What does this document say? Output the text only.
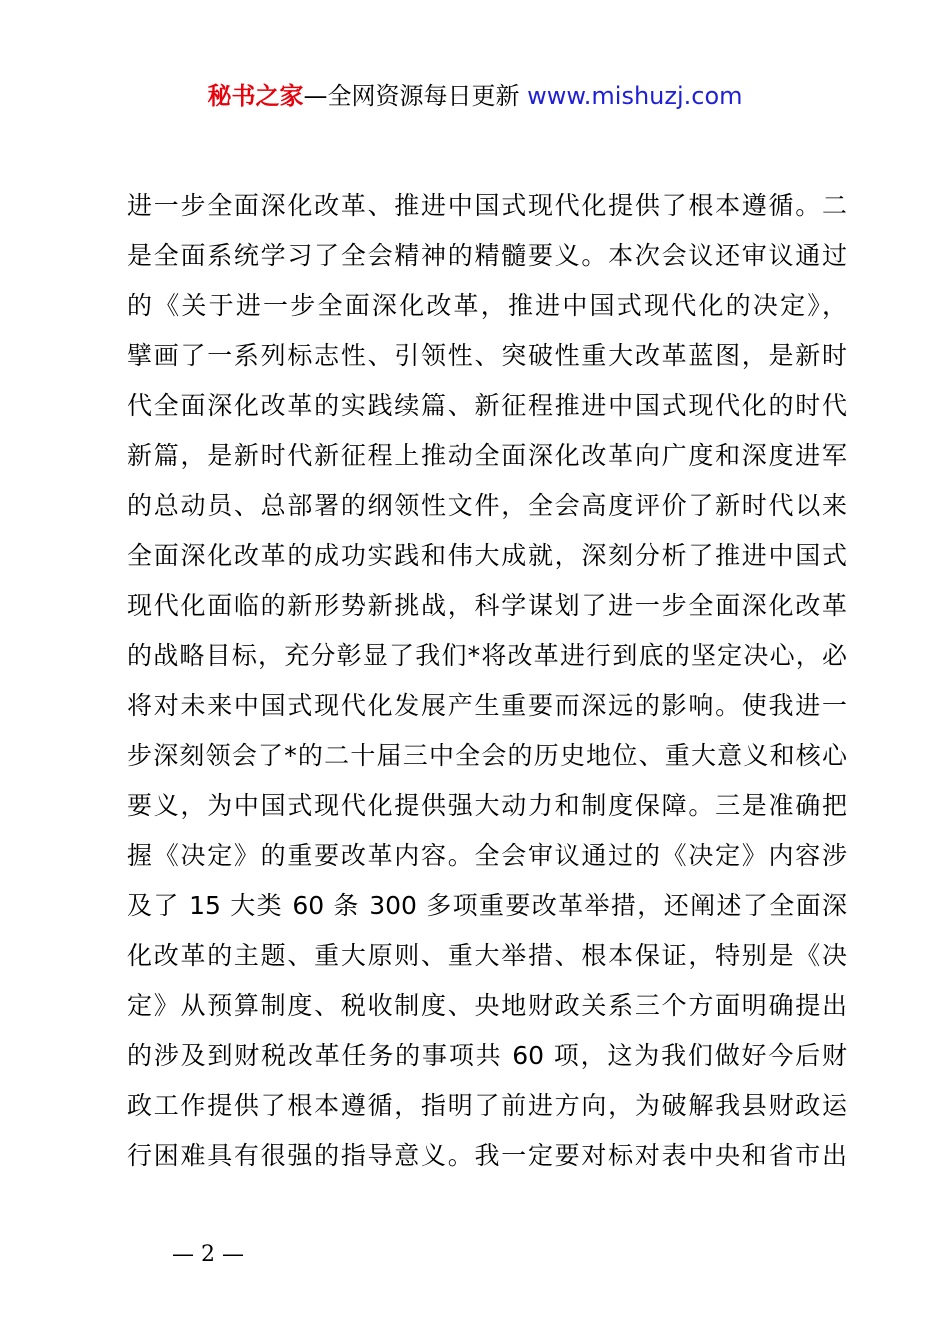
秘书之家—全网资源每日更新 www.mishuzj.com
进一步全面深化改革、推进中国式现代化提供了根本遵循。二
是全面系统学习了全会精神的精髓要义。本次会议还审议通过
的《关于进一步全面深化改革，推进中国式现代化的决定》，
擘画了一系列标志性、引领性、突破性重大改革蓝图，是新时
代全面深化改革的实践续篇、新征程推进中国式现代化的时代
新篇，是新时代新征程上推动全面深化改革向广度和深度进军
的总动员、总部署的纲领性文件，全会高度评价了新时代以来
全面深化改革的成功实践和伟大成就，深刻分析了推进中国式
现代化面临的新形势新挑战，科学谋划了进一步全面深化改革
的战略目标，充分彰显了我们*将改革进行到底的坚定决心，必
将对未来中国式现代化发展产生重要而深远的影响。使我进一
步深刻领会了*的二十届三中全会的历史地位、重大意义和核心
要义，为中国式现代化提供强大动力和制度保障。三是准确把
握《决定》的重要改革内容。全会审议通过的《决定》内容涉
及了 15 大类 60 条 300 多项重要改革举措，还阐述了全面深
化改革的主题、重大原则、重大举措、根本保证，特别是《决
定》从预算制度、税收制度、央地财政关系三个方面明确提出
的涉及到财税改革任务的事项共 60 项，这为我们做好今后财
政工作提供了根本遵循，指明了前进方向，为破解我县财政运
行困难具有很强的指导意义。我一定要对标对表中央和省市出
— 2 —
